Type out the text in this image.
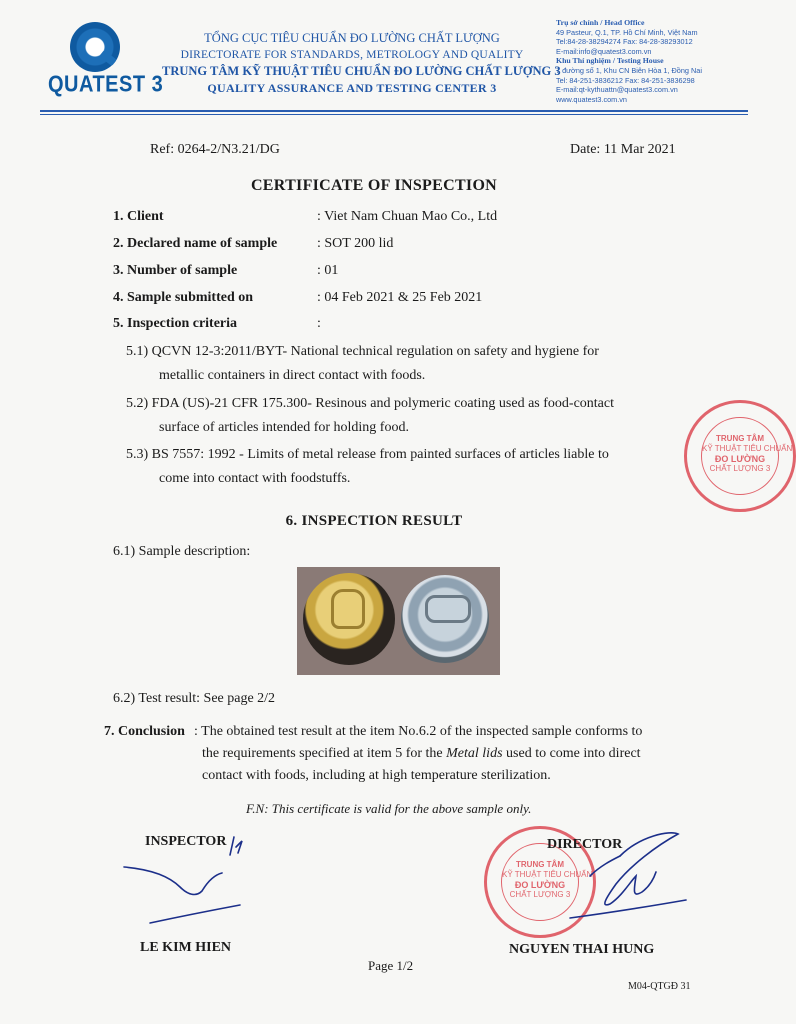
QUATEST 3
TỔNG CỤC TIÊU CHUẨN ĐO LƯỜNG CHẤT LƯỢNG
DIRECTORATE FOR STANDARDS, METROLOGY AND QUALITY
TRUNG TÂM KỸ THUẬT TIÊU CHUẨN ĐO LƯỜNG CHẤT LƯỢNG 3
QUALITY ASSURANCE AND TESTING CENTER 3
Trụ sở chính / Head Office
49 Pasteur, Q.1, TP. Hồ Chí Minh, Việt Nam
Tel:84-28-38294274 Fax: 84-28-38293012
E-mail:info@quatest3.com.vn
Khu Thí nghiệm / Testing House
7 đường số 1, Khu CN Biên Hòa 1, Đồng Nai
Tel: 84-251-3836212 Fax: 84-251-3836298
E-mail:qt-kythuattn@quatest3.com.vn
www.quatest3.com.vn
Ref: 0264-2/N3.21/DG	Date: 11 Mar 2021
CERTIFICATE OF INSPECTION
1. Client	: Viet Nam Chuan Mao Co., Ltd
2. Declared name of sample	: SOT 200 lid
3. Number of sample	: 01
4. Sample submitted on	: 04 Feb 2021 & 25 Feb 2021
5. Inspection criteria	:
5.1) QCVN 12-3:2011/BYT- National technical regulation on safety and hygiene for
metallic containers in direct contact with foods.
5.2) FDA (US)-21 CFR 175.300- Resinous and polymeric coating used as food-contact
surface of articles intended for holding food.
5.3) BS 7557: 1992 - Limits of metal release from painted surfaces of articles liable to
come into contact with foodstuffs.
TRUNG TÂM
KỸ THUẬT TIÊU CHUẨN
ĐO LƯỜNG
CHẤT LƯỢNG 3
6. INSPECTION RESULT
6.1) Sample description:
6.2) Test result: See page 2/2
7. Conclusion : The obtained test result at the item No.6.2 of the inspected sample conforms to
the requirements specified at item 5 for the Metal lids used to come into direct
contact with foods, including at high temperature sterilization.
F.N: This certificate is valid for the above sample only.
INSPECTOR
LE KIM HIEN
TRUNG TÂM
KỸ THUẬT TIÊU CHUẨN
ĐO LƯỜNG
CHẤT LƯỢNG 3
DIRECTOR
NGUYEN THAI HUNG
Page 1/2
M04-QTGĐ 31
